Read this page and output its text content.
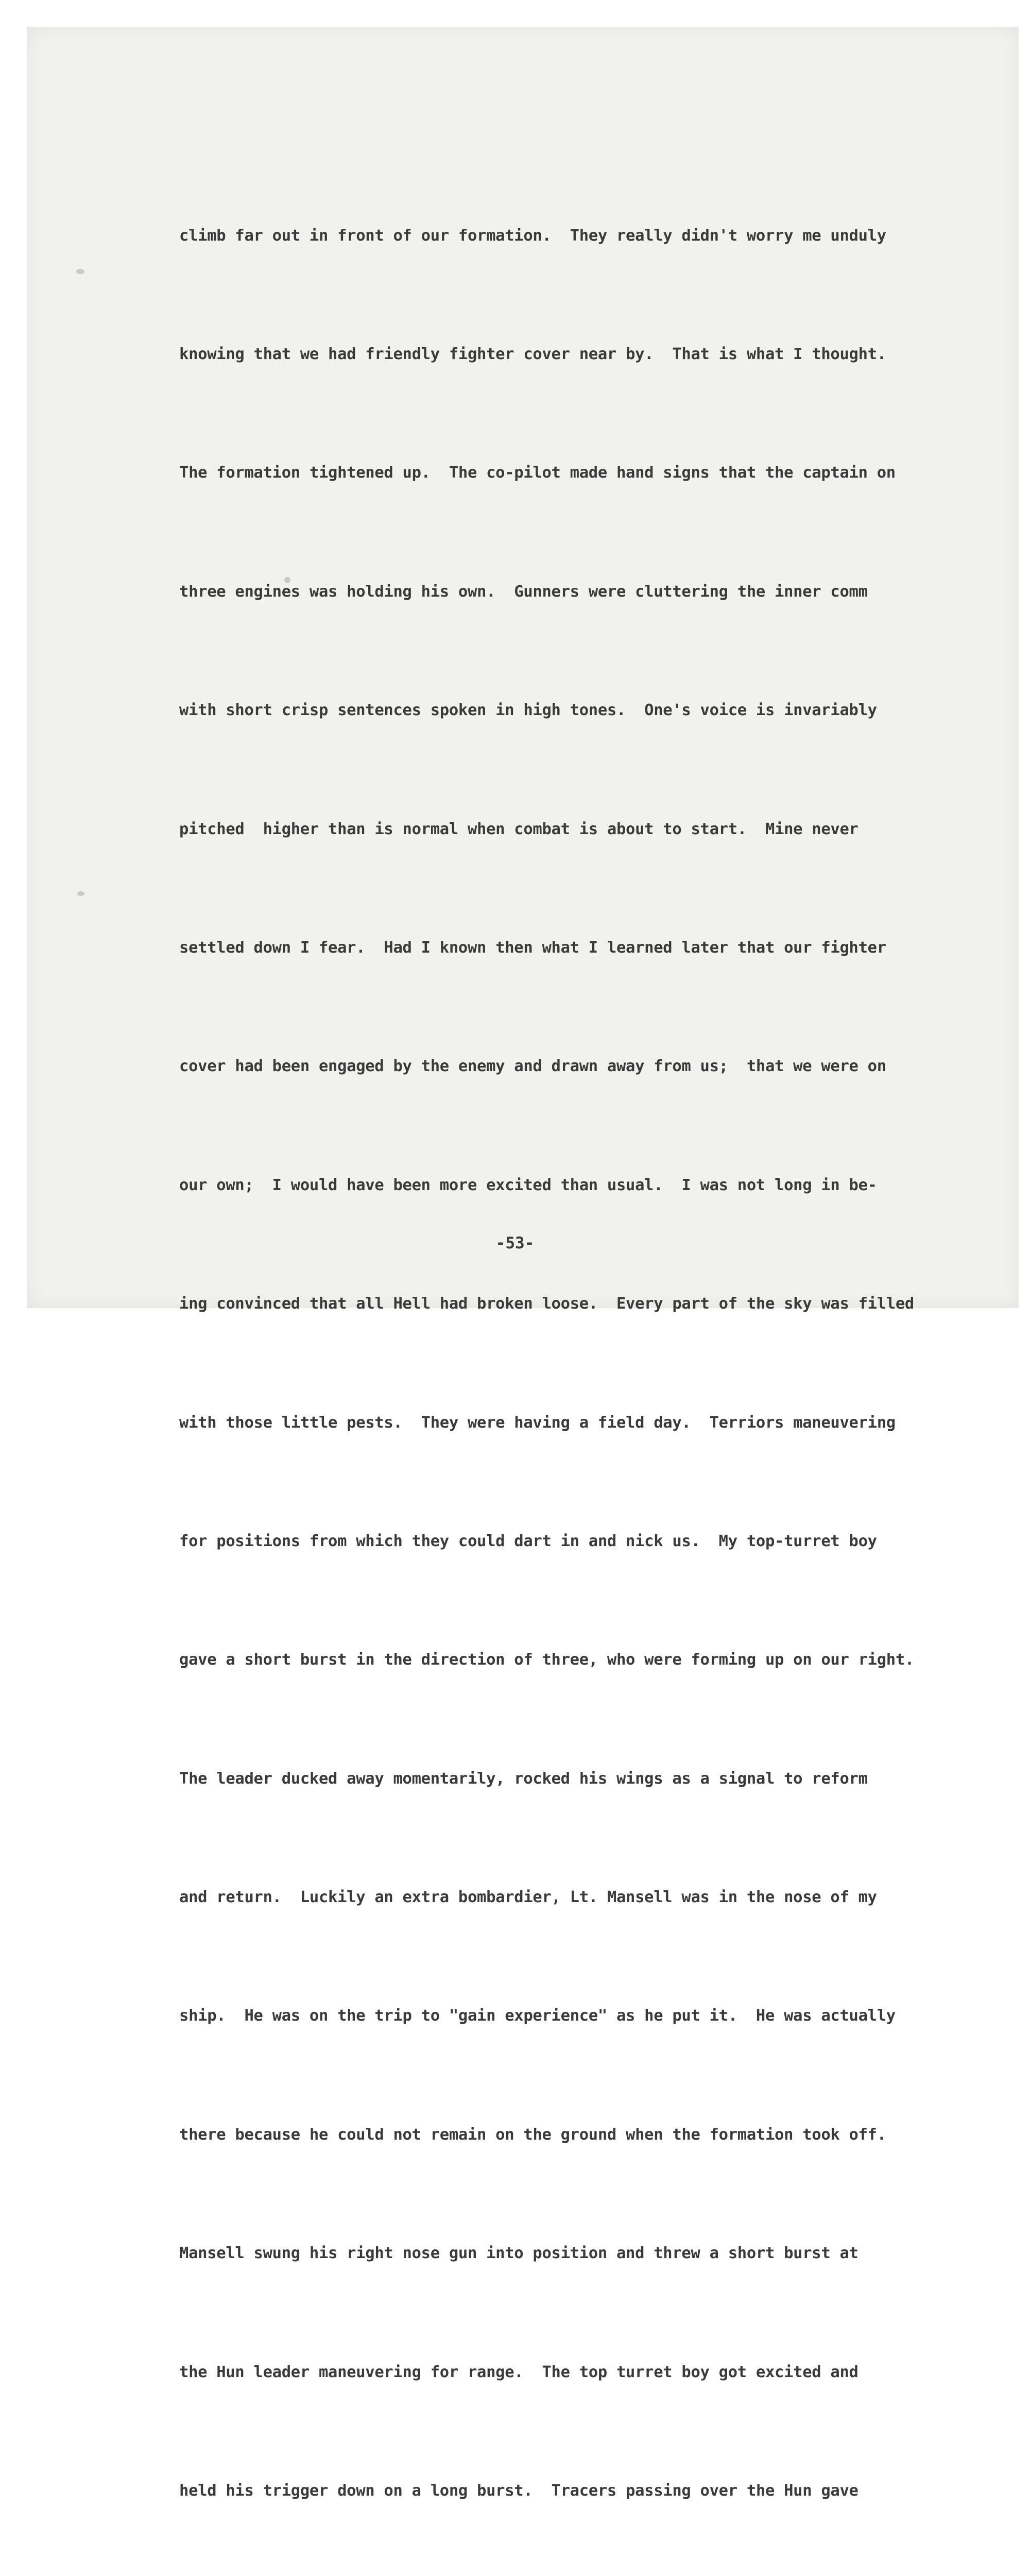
climb far out in front of our formation.  They really didn't worry me unduly

knowing that we had friendly fighter cover near by.  That is what I thought.

The formation tightened up.  The co-pilot made hand signs that the captain on

three engines was holding his own.  Gunners were cluttering the inner comm

with short crisp sentences spoken in high tones.  One's voice is invariably

pitched  higher than is normal when combat is about to start.  Mine never

settled down I fear.  Had I known then what I learned later that our fighter

cover had been engaged by the enemy and drawn away from us;  that we were on

our own;  I would have been more excited than usual.  I was not long in be-

ing convinced that all Hell had broken loose.  Every part of the sky was filled

with those little pests.  They were having a field day.  Terriors maneuvering

for positions from which they could dart in and nick us.  My top-turret boy

gave a short burst in the direction of three, who were forming up on our right.

The leader ducked away momentarily, rocked his wings as a signal to reform

and return.  Luckily an extra bombardier, Lt. Mansell was in the nose of my

ship.  He was on the trip to "gain experience" as he put it.  He was actually

there because he could not remain on the ground when the formation took off.

Mansell swung his right nose gun into position and threw a short burst at

the Hun leader maneuvering for range.  The top turret boy got excited and

held his trigger down on a long burst.  Tracers passing over the Hun gave

-53-
